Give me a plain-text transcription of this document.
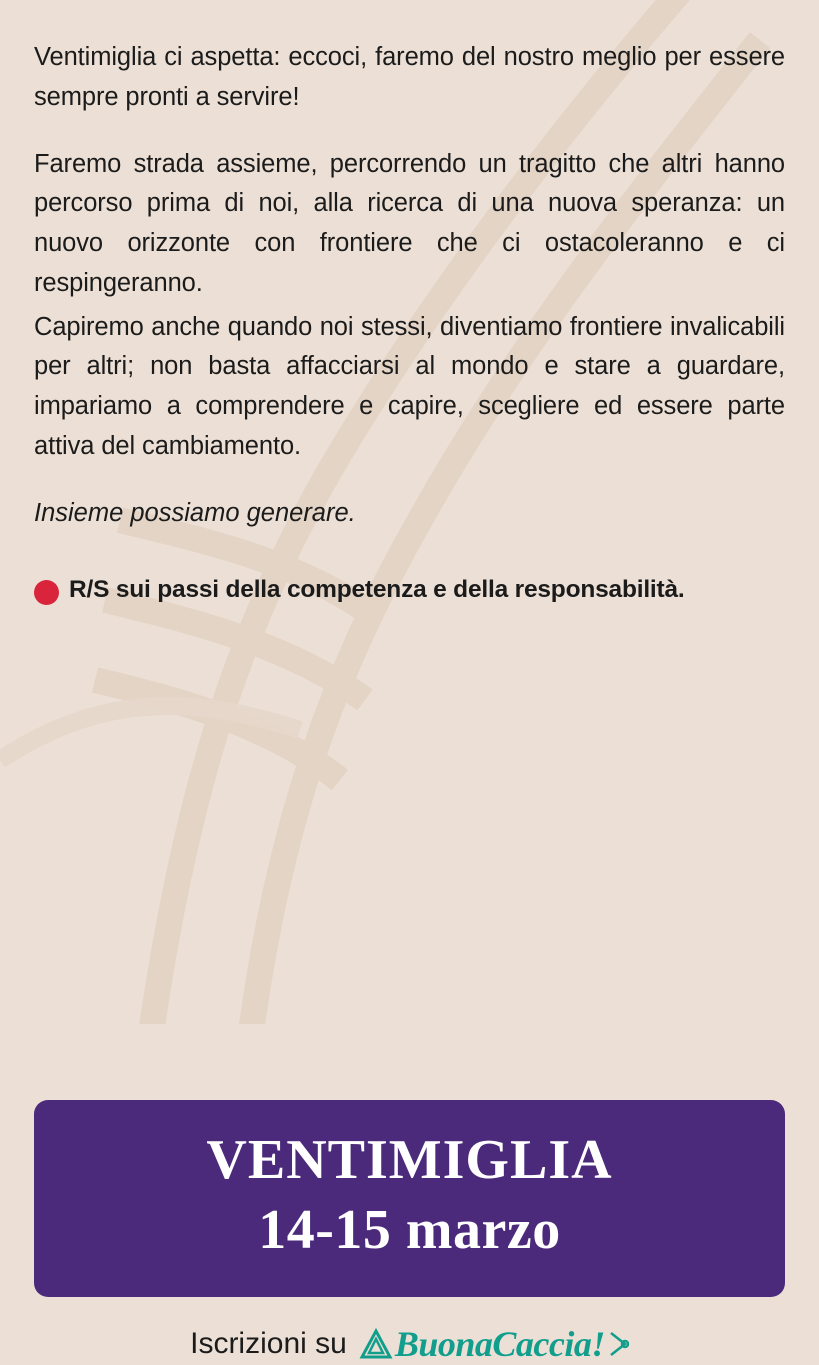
Ventimiglia ci aspetta: eccoci, faremo del nostro meglio per essere sempre pronti a servire!

Faremo strada assieme, percorrendo un tragitto che altri hanno percorso prima di noi, alla ricerca di una nuova speranza: un nuovo orizzonte con frontiere che ci ostacoleranno e ci respingeranno.

Capiremo anche quando noi stessi, diventiamo frontiere invalicabili per altri; non basta affacciarsi al mondo e stare a guardare, impariamo a comprendere e capire, scegliere ed essere parte attiva del cambiamento.

Insieme possiamo generare.

R/S sui passi della competenza e della responsabilità.
VENTIMIGLIA
14-15 marzo
Iscrizioni su BuonaCaccia!
